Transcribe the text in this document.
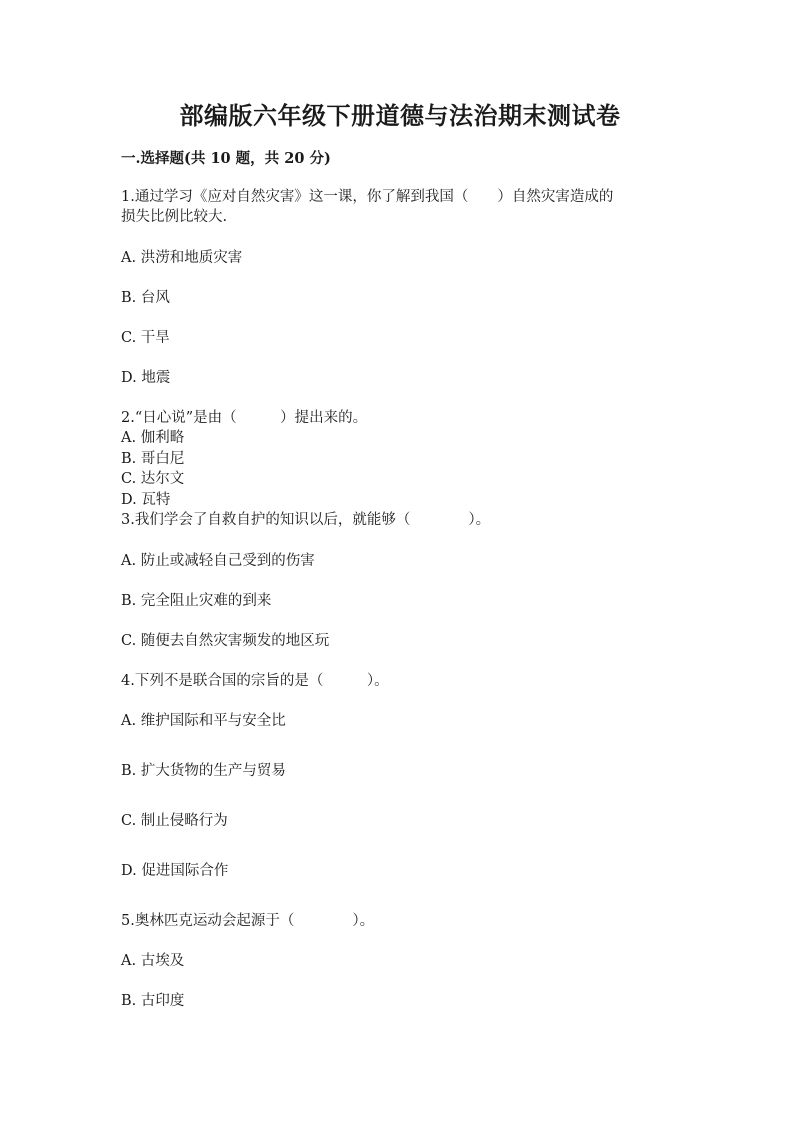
部编版六年级下册道德与法治期末测试卷
一.选择题(共 10 题，共 20 分)
1.通过学习《应对自然灾害》这一课，你了解到我国（　　）自然灾害造成的
损失比例比较大.
A. 洪涝和地质灾害
B. 台风
C. 干旱
D. 地震
2.“日心说”是由（　　　）提出来的。
A. 伽利略
B. 哥白尼
C. 达尔文
D. 瓦特
3.我们学会了自救自护的知识以后，就能够（　　　　）。
A. 防止或减轻自己受到的伤害
B. 完全阻止灾难的到来
C. 随便去自然灾害频发的地区玩
4.下列不是联合国的宗旨的是（　　　）。
A. 维护国际和平与安全比
B. 扩大货物的生产与贸易
C. 制止侵略行为
D. 促进国际合作
5.奥林匹克运动会起源于（　　　　）。
A. 古埃及
B. 古印度
